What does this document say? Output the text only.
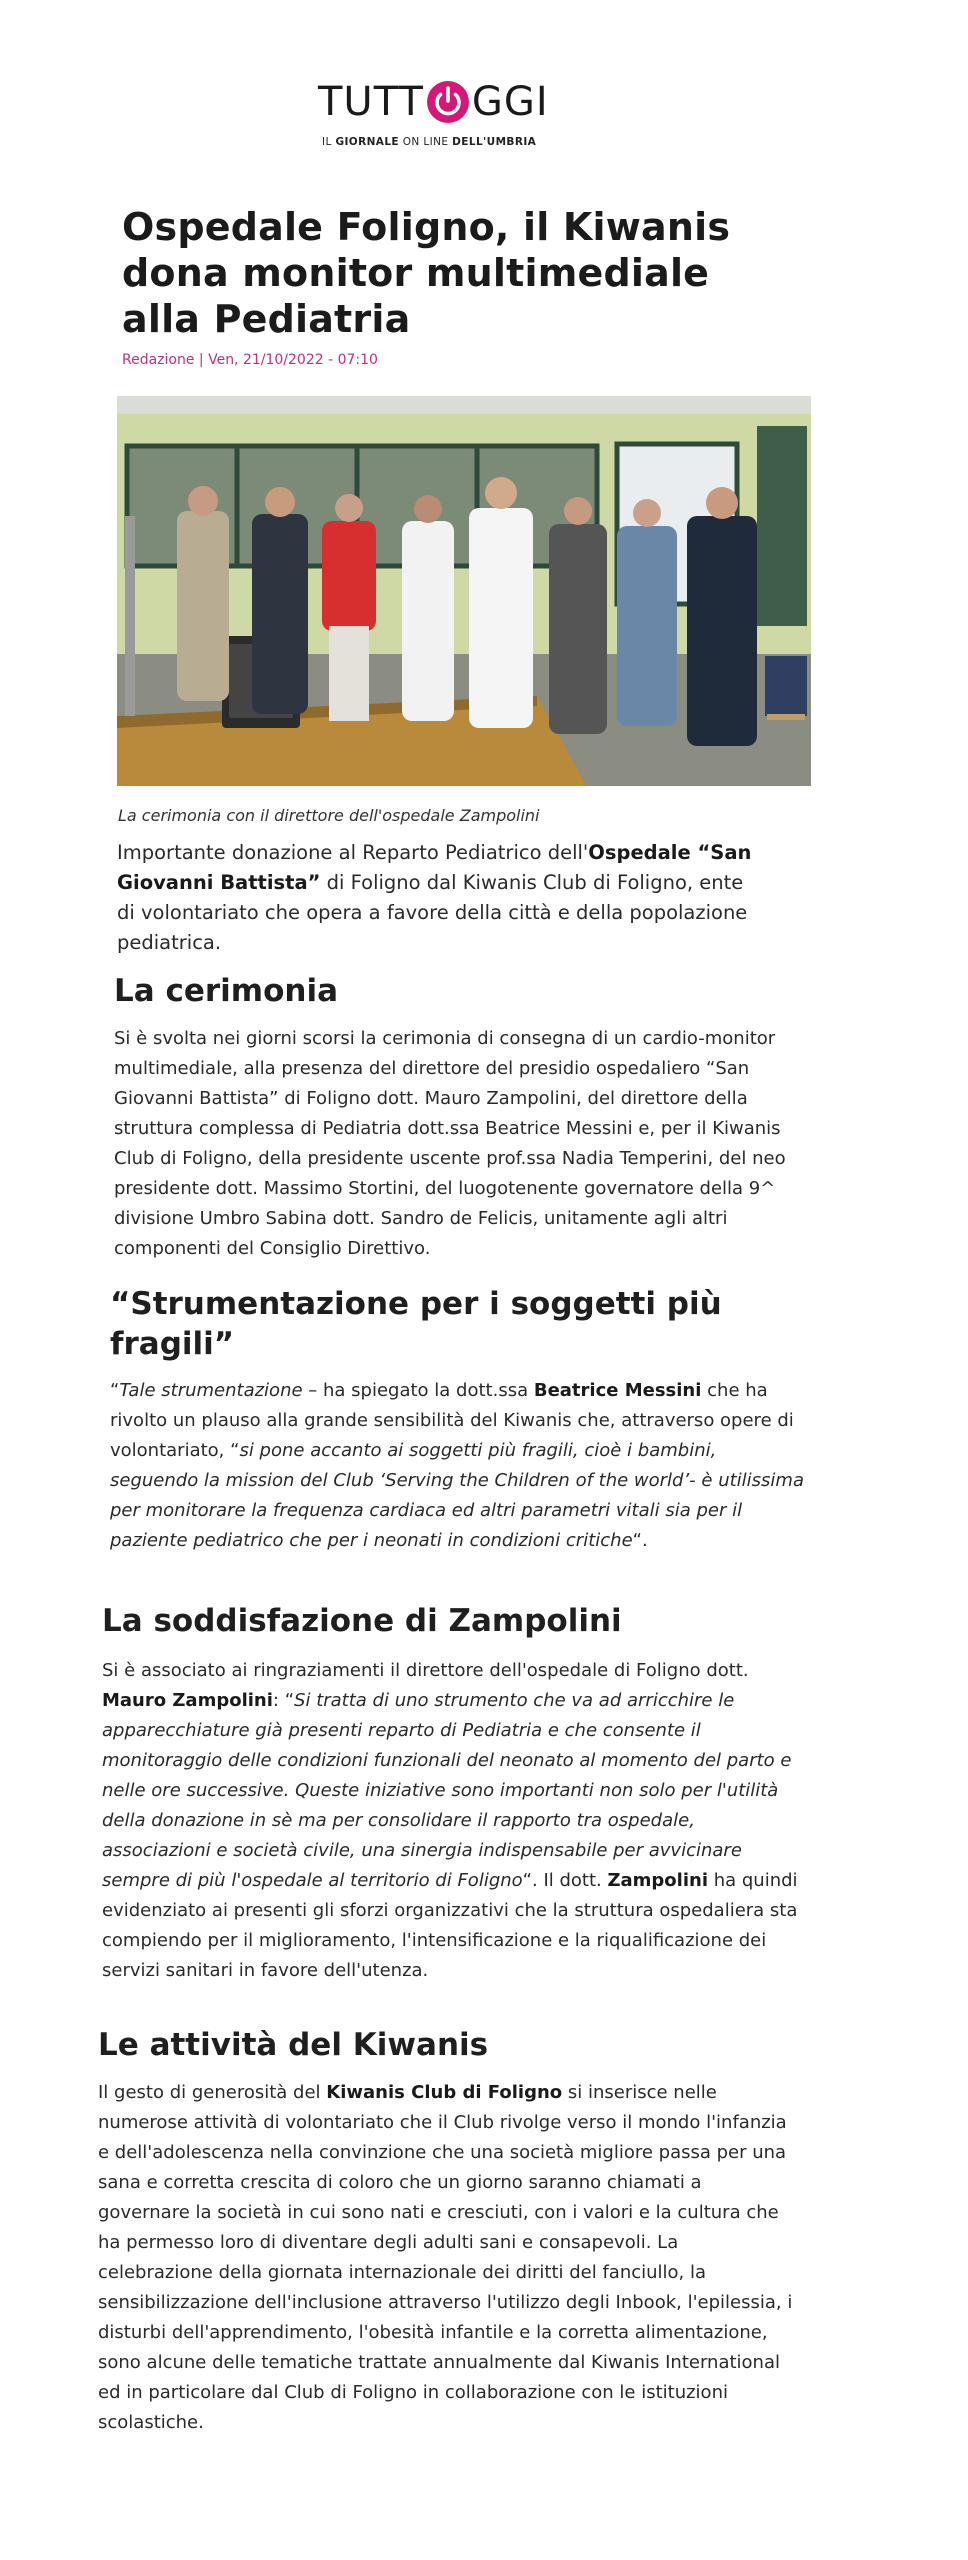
TUTT GGI
IL GIORNALE ON LINE DELL'UMBRIA
Ospedale Foligno, il Kiwanis dona monitor multimediale alla Pediatria
Redazione | Ven, 21/10/2022 - 07:10
La cerimonia con il direttore dell'ospedale Zampolini

Importante donazione al Reparto Pediatrico dell'Ospedale “San Giovanni Battista” di Foligno dal Kiwanis Club di Foligno, ente di volontariato che opera a favore della città e della popolazione pediatrica.

La cerimonia

Si è svolta nei giorni scorsi la cerimonia di consegna di un cardio-monitor multimediale, alla presenza del direttore del presidio ospedaliero “San Giovanni Battista” di Foligno dott. Mauro Zampolini, del direttore della struttura complessa di Pediatria dott.ssa Beatrice Messini e, per il Kiwanis Club di Foligno, della presidente uscente prof.ssa Nadia Temperini, del neo presidente dott. Massimo Stortini, del luogotenente governatore della 9^ divisione Umbro Sabina dott. Sandro de Felicis, unitamente agli altri componenti del Consiglio Direttivo.

“Strumentazione per i soggetti più fragili”

“Tale strumentazione – ha spiegato la dott.ssa Beatrice Messini che ha rivolto un plauso alla grande sensibilità del Kiwanis che, attraverso opere di volontariato, “si pone accanto ai soggetti più fragili, cioè i bambini, seguendo la mission del Club ‘Serving the Children of the world’- è utilissima per monitorare la frequenza cardiaca ed altri parametri vitali sia per il paziente pediatrico che per i neonati in condizioni critiche“.

La soddisfazione di Zampolini

Si è associato ai ringraziamenti il direttore dell'ospedale di Foligno dott. Mauro Zampolini: “Si tratta di uno strumento che va ad arricchire le apparecchiature già presenti reparto di Pediatria e che consente il monitoraggio delle condizioni funzionali del neonato al momento del parto e nelle ore successive. Queste iniziative sono importanti non solo per l'utilità della donazione in sè ma per consolidare il rapporto tra ospedale, associazioni e società civile, una sinergia indispensabile per avvicinare sempre di più l'ospedale al territorio di Foligno“. Il dott. Zampolini ha quindi evidenziato ai presenti gli sforzi organizzativi che la struttura ospedaliera sta compiendo per il miglioramento, l'intensificazione e la riqualificazione dei servizi sanitari in favore dell'utenza.

Le attività del Kiwanis

Il gesto di generosità del Kiwanis Club di Foligno si inserisce nelle numerose attività di volontariato che il Club rivolge verso il mondo l'infanzia e dell'adolescenza nella convinzione che una società migliore passa per una sana e corretta crescita di coloro che un giorno saranno chiamati a governare la società in cui sono nati e cresciuti, con i valori e la cultura che ha permesso loro di diventare degli adulti sani e consapevoli. La celebrazione della giornata internazionale dei diritti del fanciullo, la sensibilizzazione dell'inclusione attraverso l'utilizzo degli Inbook, l'epilessia, i disturbi dell'apprendimento, l'obesità infantile e la corretta alimentazione, sono alcune delle tematiche trattate annualmente dal Kiwanis International ed in particolare dal Club di Foligno in collaborazione con le istituzioni scolastiche.
